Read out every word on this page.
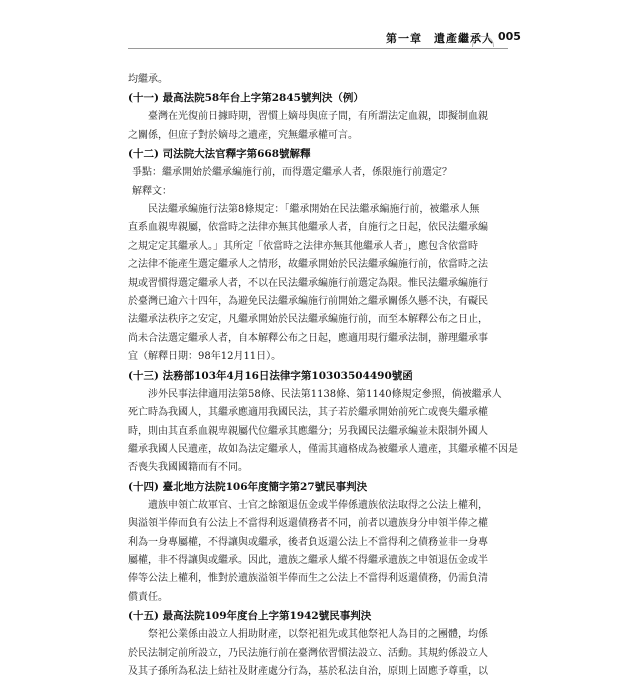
第一章　遺產繼承人 005
均繼承。
(十一) 最高法院58年台上字第2845號判決（例）
臺灣在光復前日據時期，習慣上嫡母與庶子間，有所謂法定血親，即擬制血親
之關係，但庶子對於嫡母之遺產，究無繼承權可言。
(十二) 司法院大法官釋字第668號解釋
爭點：繼承開始於繼承編施行前，而得選定繼承人者，係限施行前選定？
解釋文：
民法繼承編施行法第8條規定：「繼承開始在民法繼承編施行前，被繼承人無
直系血親卑親屬，依當時之法律亦無其他繼承人者，自施行之日起，依民法繼承編
之規定定其繼承人。」其所定「依當時之法律亦無其他繼承人者」，應包含依當時
之法律不能產生選定繼承人之情形，故繼承開始於民法繼承編施行前，依當時之法
規或習慣得選定繼承人者，不以在民法繼承編施行前選定為限。惟民法繼承編施行
於臺灣已逾六十四年，為避免民法繼承編施行前開始之繼承關係久懸不決，有礙民
法繼承法秩序之安定，凡繼承開始於民法繼承編施行前，而至本解釋公布之日止，
尚未合法選定繼承人者，自本解釋公布之日起，應適用現行繼承法制，辦理繼承事
宜（解釋日期：98年12月11日）。
(十三) 法務部103年4月16日法律字第10303504490號函
涉外民事法律適用法第58條、民法第1138條、第1140條規定參照，倘被繼承人
死亡時為我國人，其繼承應適用我國民法，其子若於繼承開始前死亡或喪失繼承權
時，則由其直系血親卑親屬代位繼承其應繼分；另我國民法繼承編並未限制外國人
繼承我國人民遺產，故如為法定繼承人，僅需其適格成為被繼承人遺產，其繼承權不因是
否喪失我國國籍而有不同。
(十四) 臺北地方法院106年度簡字第27號民事判決
遺族申領亡故軍官、士官之餘額退伍金或半俸係遺族依法取得之公法上權利，
與溢領半俸而負有公法上不當得利返還債務者不同，前者以遺族身分申領半俸之權
利為一身專屬權，不得讓與或繼承，後者負返還公法上不當得利之債務並非一身專
屬權，非不得讓與或繼承。因此，遺族之繼承人縱不得繼承遺族之申領退伍金或半
俸等公法上權利，惟對於遺族溢領半俸而生之公法上不當得利返還債務，仍需負清
償責任。
(十五) 最高法院109年度台上字第1942號民事判決
祭祀公業係由設立人捐助財產，以祭祀祖先或其他祭祀人為目的之團體，均係
於民法制定前所設立，乃民法施行前在臺灣依習慣法設立、活動。其規約係設立人
及其子孫所為私法上結社及財產處分行為，基於私法自治，原則上固應予尊重，以
